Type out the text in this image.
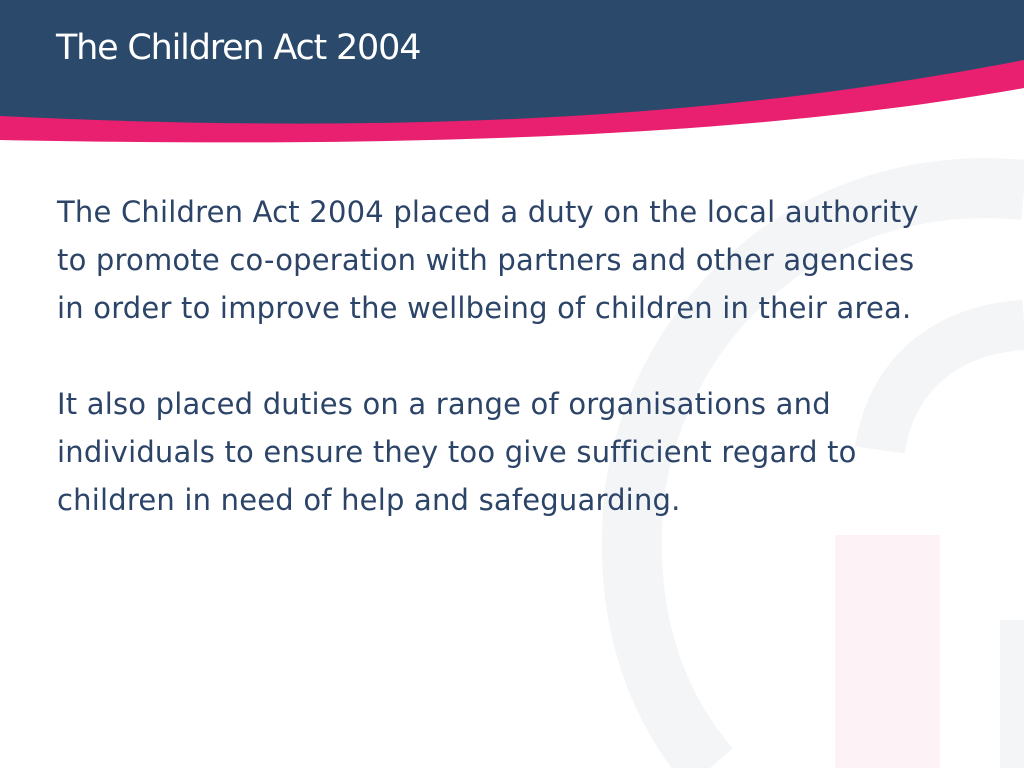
The Children Act 2004

The Children Act 2004 placed a duty on the local authority to promote co-operation with partners and other agencies in order to improve the wellbeing of children in their area.

It also placed duties on a range of organisations and individuals to ensure they too give sufficient regard to children in need of help and safeguarding.
